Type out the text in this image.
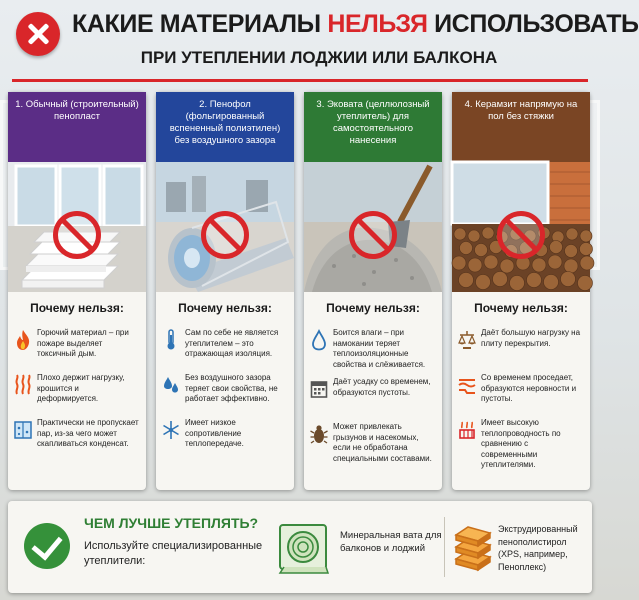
КАКИЕ МАТЕРИАЛЫ НЕЛЬЗЯ ИСПОЛЬЗОВАТЬ
ПРИ УТЕПЛЕНИИ ЛОДЖИИ ИЛИ БАЛКОНА
1. Обычный (строительный) пенопласт
Почему нельзя:
Горючий материал – при пожаре выделяет токсичный дым.
Плохо держит нагрузку, крошится и деформируется.
Практически не пропускает пар, из-за чего может скапливаться конденсат.
2. Пенофол (фольгированный вспененный полиэтилен) без воздушного зазора
Почему нельзя:
Сам по себе не является утеплителем – это отражающая изоляция.
Без воздушного зазора теряет свои свойства, не работает эффективно.
Имеет низкое сопротивление теплопередаче.
3. Эковата (целлюлозный утеплитель) для самостоятельного нанесения
Почему нельзя:
Боится влаги – при намокании теряет теплоизоляционные свойства и слёживается.
Даёт усадку со временем, образуются пустоты.
Может привлекать грызунов и насекомых, если не обработана специальными составами.
4. Керамзит напрямую на пол без стяжки
Почему нельзя:
Даёт большую нагрузку на плиту перекрытия.
Со временем проседает, образуются неровности и пустоты.
Имеет высокую теплопроводность по сравнению с современными утеплителями.
ЧЕМ ЛУЧШЕ УТЕПЛЯТЬ?
Используйте специализированные утеплители:
Минеральная вата для балконов и лоджий
Экструдированный пенополистирол (XPS, например, Пеноплекс)
